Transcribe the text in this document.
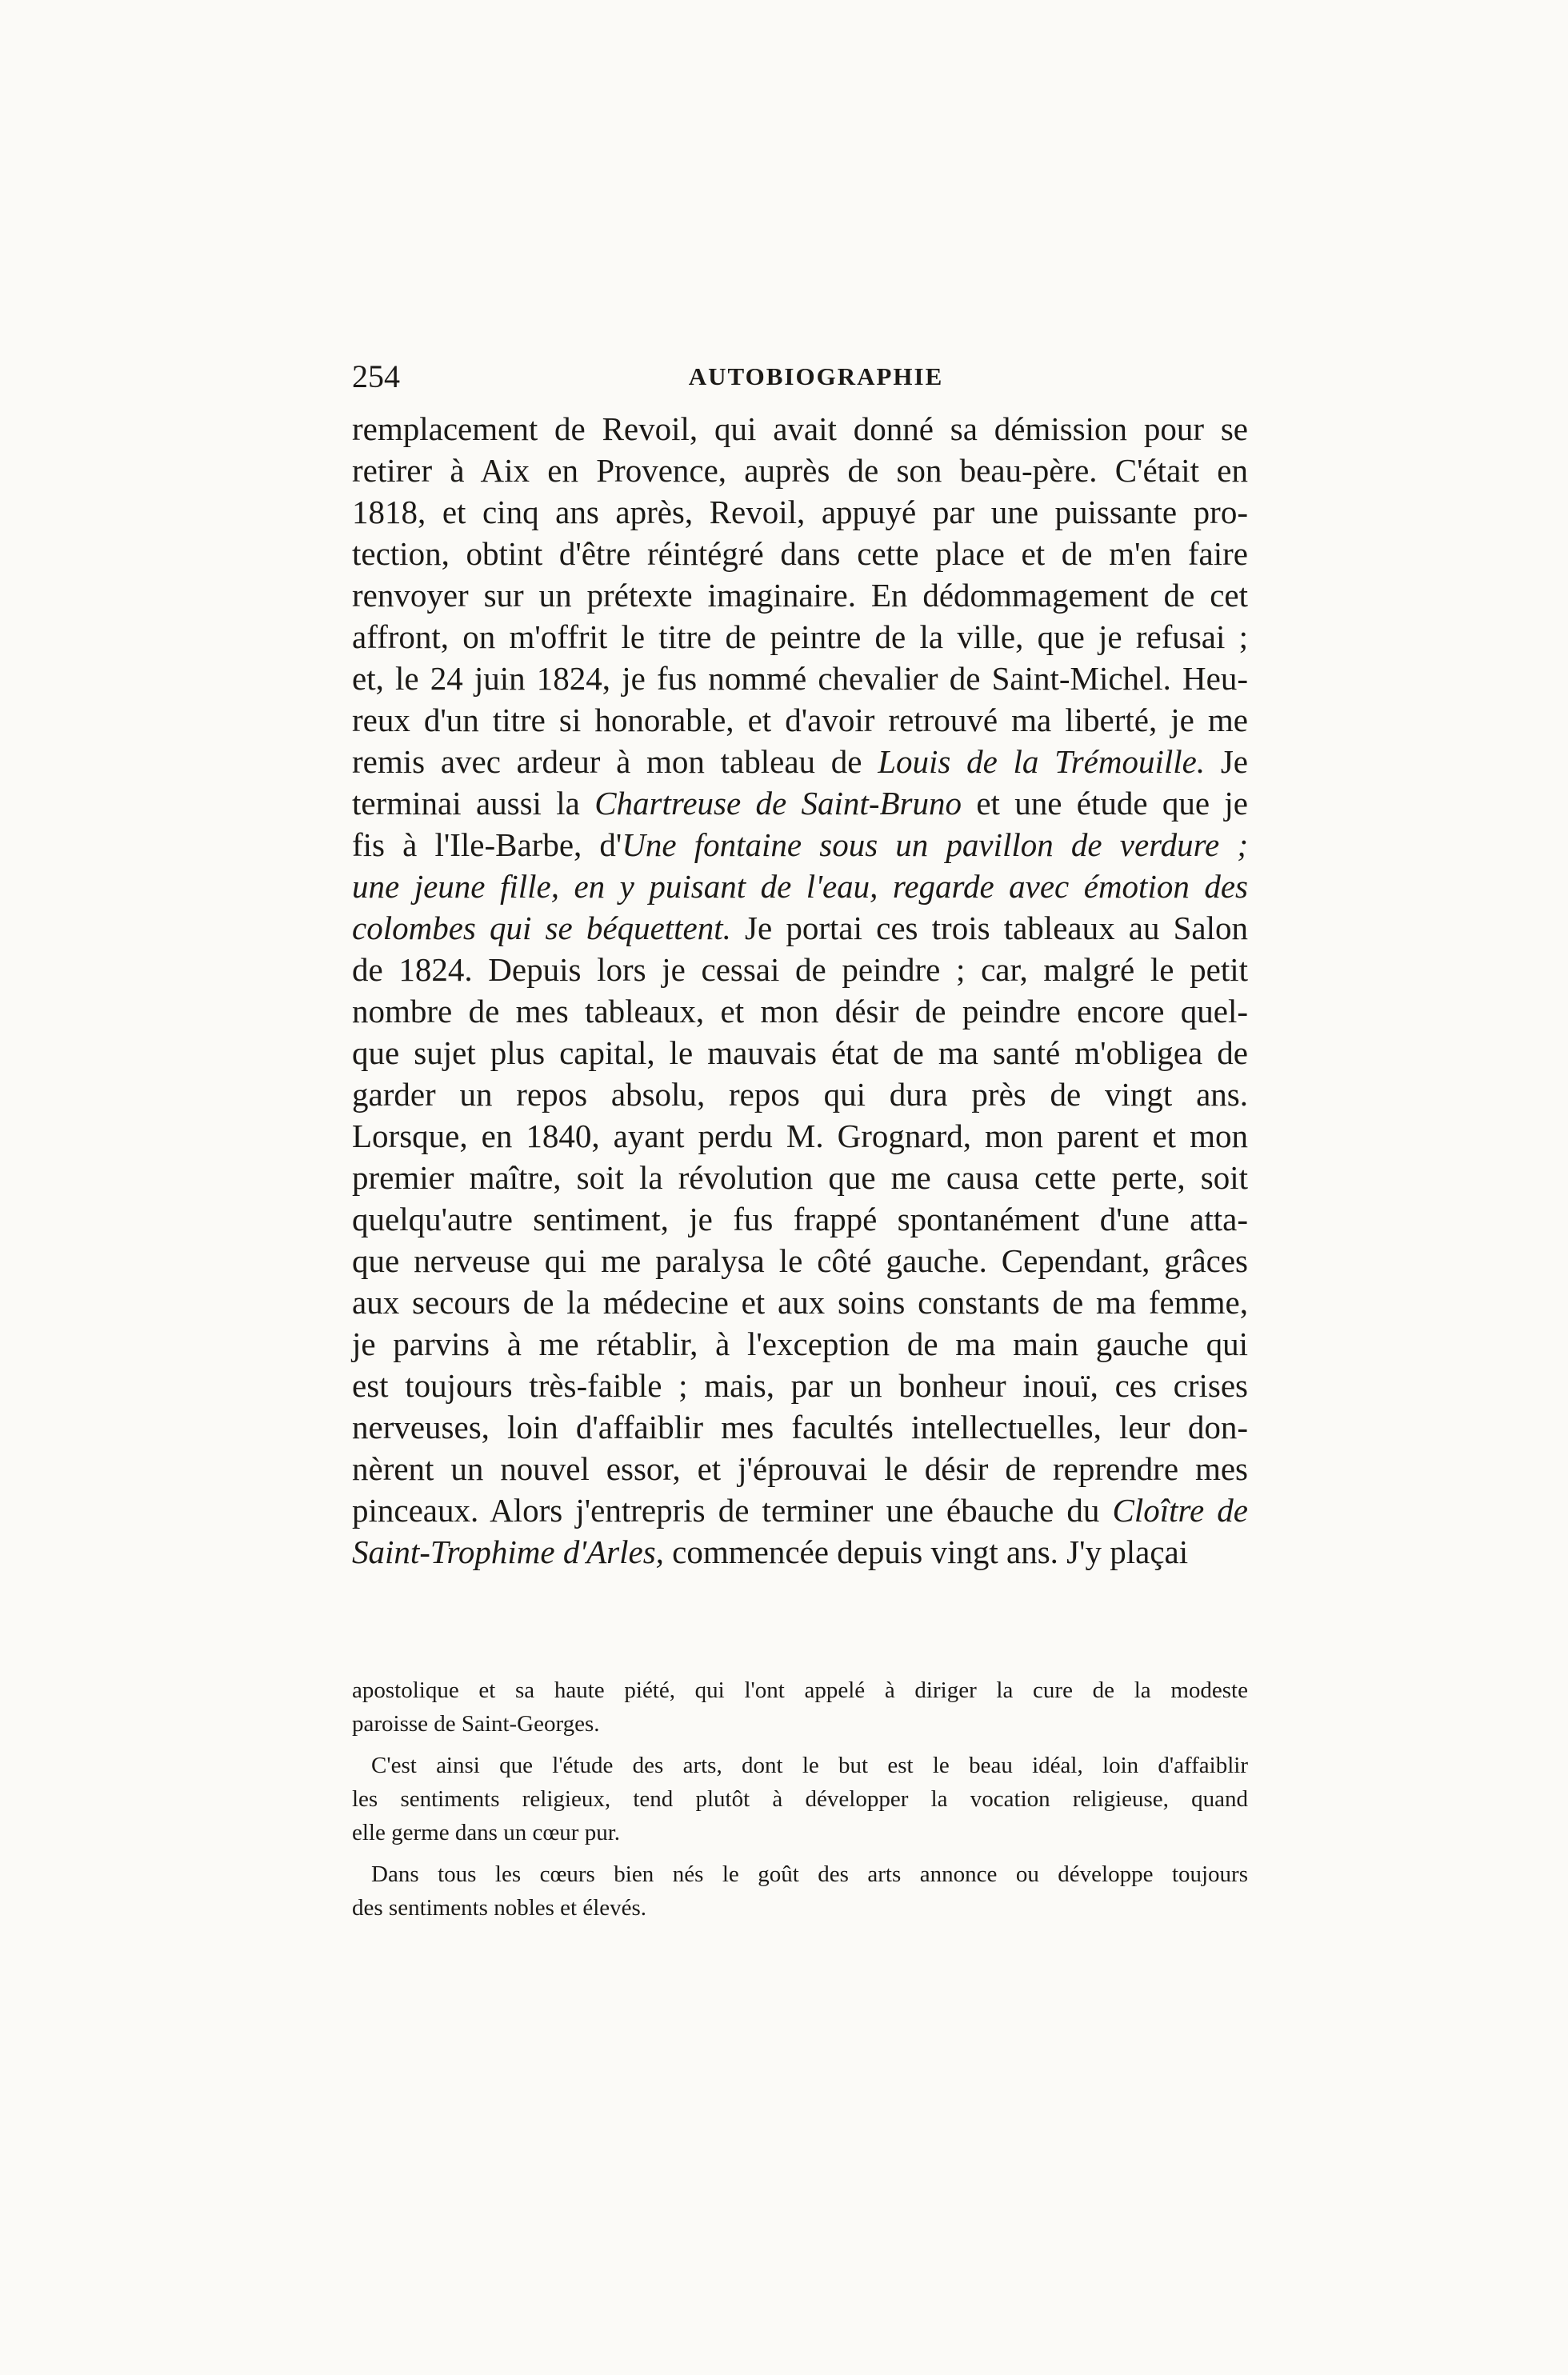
254	AUTOBIOGRAPHIE
remplacement de Revoil, qui avait donné sa démission pour se
retirer à Aix en Provence, auprès de son beau-père. C'était en
1818, et cinq ans après, Revoil, appuyé par une puissante pro-
tection, obtint d'être réintégré dans cette place et de m'en faire
renvoyer sur un prétexte imaginaire. En dédommagement de cet
affront, on m'offrit le titre de peintre de la ville, que je refusai ;
et, le 24 juin 1824, je fus nommé chevalier de Saint-Michel. Heu-
reux d'un titre si honorable, et d'avoir retrouvé ma liberté, je me
remis avec ardeur à mon tableau de Louis de la Trémouille. Je
terminai aussi la Chartreuse de Saint-Bruno et une étude que je
fis à l'Ile-Barbe, d'Une fontaine sous un pavillon de verdure ;
une jeune fille, en y puisant de l'eau, regarde avec émotion des
colombes qui se béquettent. Je portai ces trois tableaux au Salon
de 1824. Depuis lors je cessai de peindre ; car, malgré le petit
nombre de mes tableaux, et mon désir de peindre encore quel-
que sujet plus capital, le mauvais état de ma santé m'obligea de
garder un repos absolu, repos qui dura près de vingt ans.
Lorsque, en 1840, ayant perdu M. Grognard, mon parent et mon
premier maître, soit la révolution que me causa cette perte, soit
quelqu'autre sentiment, je fus frappé spontanément d'une atta-
que nerveuse qui me paralysa le côté gauche. Cependant, grâces
aux secours de la médecine et aux soins constants de ma femme,
je parvins à me rétablir, à l'exception de ma main gauche qui
est toujours très-faible ; mais, par un bonheur inouï, ces crises
nerveuses, loin d'affaiblir mes facultés intellectuelles, leur don-
nèrent un nouvel essor, et j'éprouvai le désir de reprendre mes
pinceaux. Alors j'entrepris de terminer une ébauche du Cloître de
Saint-Trophime d'Arles, commencée depuis vingt ans. J'y plaçai
apostolique et sa haute piété, qui l'ont appelé à diriger la cure de la modeste
paroisse de Saint-Georges.
C'est ainsi que l'étude des arts, dont le but est le beau idéal, loin d'affaiblir
les sentiments religieux, tend plutôt à développer la vocation religieuse, quand
elle germe dans un cœur pur.
Dans tous les cœurs bien nés le goût des arts annonce ou développe toujours
des sentiments nobles et élevés.
